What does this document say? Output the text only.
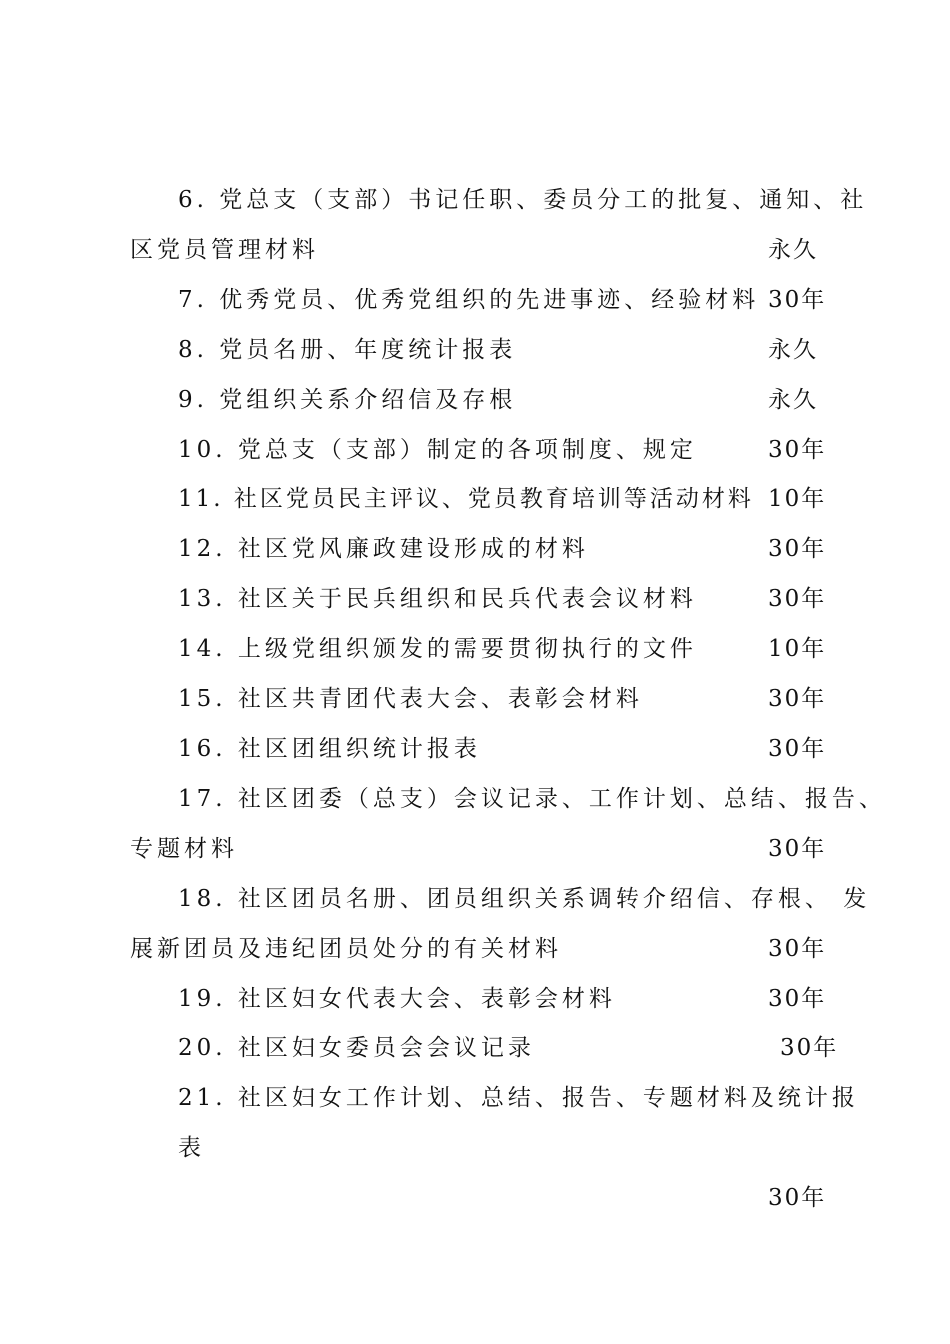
6. 党总支（支部）书记任职、委员分工的批复、通知、社
区党员管理材料	永久
7. 优秀党员、优秀党组织的先进事迹、经验材料 30年
8. 党员名册、年度统计报表	永久
9. 党组织关系介绍信及存根	永久
10. 党总支（支部）制定的各项制度、规定	30年
11. 社区党员民主评议、党员教育培训等活动材料 10年
12. 社区党风廉政建设形成的材料	30年
13. 社区关于民兵组织和民兵代表会议材料	30年
14. 上级党组织颁发的需要贯彻执行的文件	10年
15. 社区共青团代表大会、表彰会材料	30年
16. 社区团组织统计报表	30年
17. 社区团委（总支）会议记录、工作计划、总结、报告、
专题材料	30年
18. 社区团员名册、团员组织关系调转介绍信、存根、 发
展新团员及违纪团员处分的有关材料	30年
19. 社区妇女代表大会、表彰会材料	30年
20. 社区妇女委员会会议记录	30年
21. 社区妇女工作计划、总结、报告、专题材料及统计报
表
30年
